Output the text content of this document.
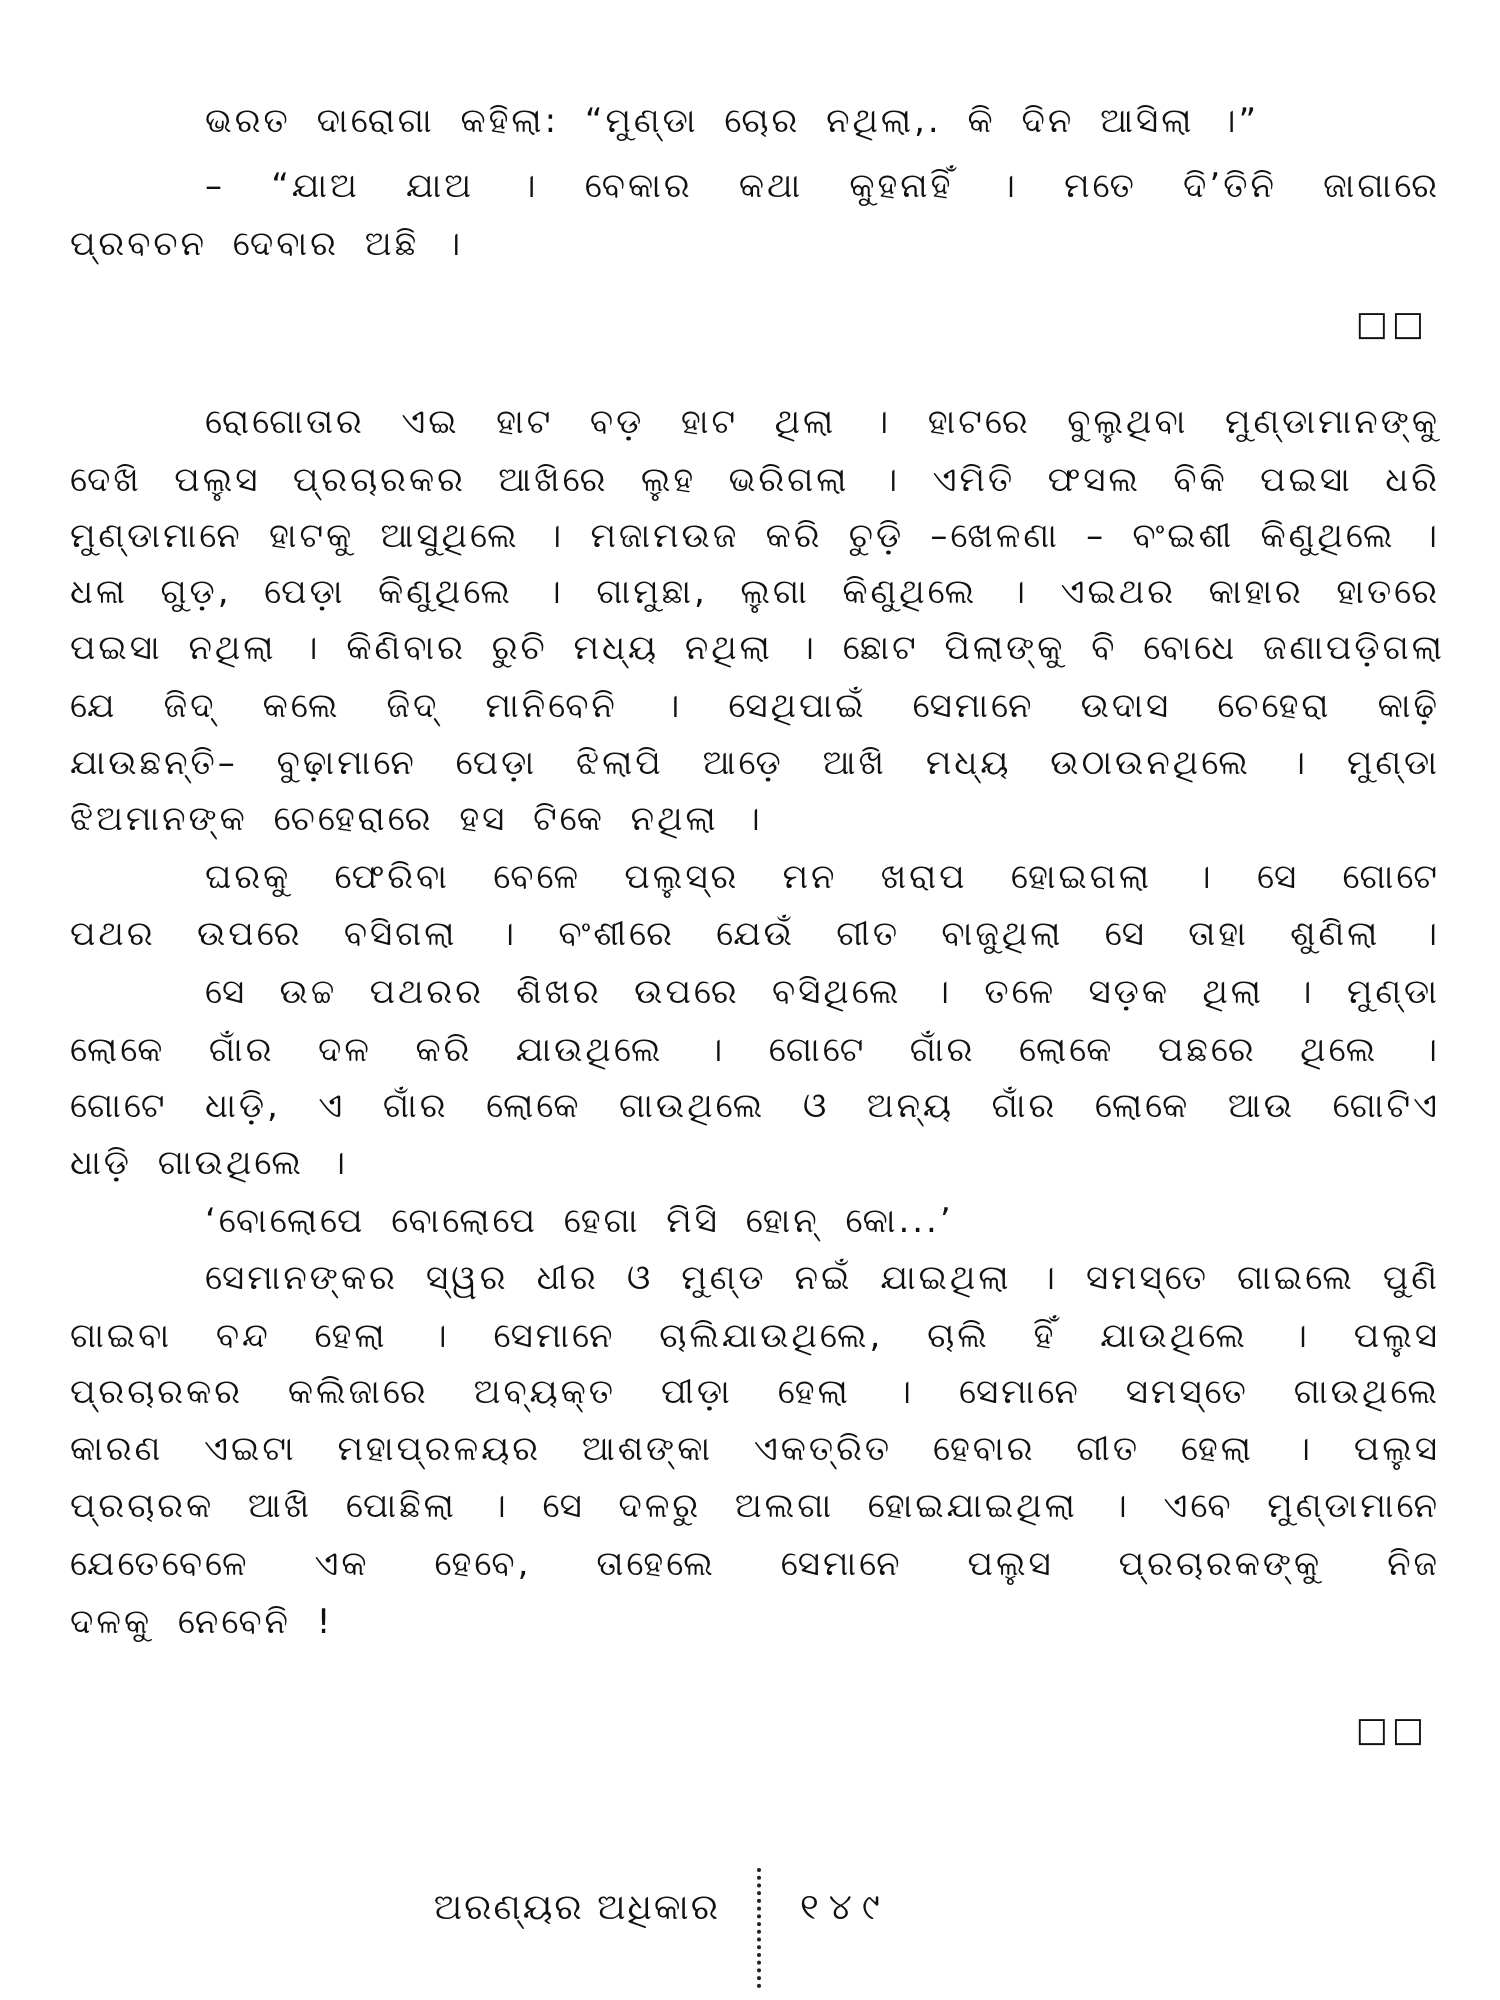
ଭରତ ଦାରୋଗା କହିଲା: “ମୁଣ୍ଡା ଚୋର ନଥିଲା,. କି ଦିନ ଆସିଲା ।”
– “ଯାଅ ଯାଅ । ବେକାର କଥା କୁହନାହିଁ । ମତେ ଦି’ତିନି ଜାଗାରେ
ପ୍ରବଚନ ଦେବାର ଅଛି ।
□□
ରୋଗୋତାର ଏଇ ହାଟ ବଡ଼ ହାଟ ଥିଲା । ହାଟରେ ବୁଲୁଥିବା ମୁଣ୍ଡାମାନଙ୍କୁ
ଦେଖି ପଲୁସ ପ୍ରଚାରକର ଆଖିରେ ଲୁହ ଭରିଗଲା । ଏମିତି ଫସଲ ବିକି ପଇସା ଧରି
ମୁଣ୍ଡାମାନେ ହାଟକୁ ଆସୁଥିଲେ । ମଜାମଉଜ କରି ଚୁଡ଼ି –ଖେଳଣା – ବଂଇଶୀ କିଣୁଥିଲେ ।
ଧଳା ଗୁଡ଼, ପେଡ଼ା କିଣୁଥିଲେ । ଗାମୁଛା, ଲୁଗା କିଣୁଥିଲେ । ଏଇଥର କାହାର ହାତରେ
ପଇସା ନଥିଲା । କିଣିବାର ରୁଚି ମଧ୍ୟ ନଥିଲା । ଛୋଟ ପିଲାଙ୍କୁ ବି ବୋଧେ ଜଣାପଡ଼ିଗଲା
ଯେ ଜିଦ୍ କଲେ ଜିଦ୍ ମାନିବେନି । ସେଥିପାଇଁ ସେମାନେ ଉଦାସ ଚେହେରା କାଢ଼ି
ଯାଉଛନ୍ତି– ବୁଢ଼ାମାନେ ପେଡ଼ା ଝିଲାପି ଆଡ଼େ ଆଖି ମଧ୍ୟ ଉଠାଉନଥିଲେ । ମୁଣ୍ଡା
ଝିଅମାନଙ୍କ ଚେହେରାରେ ହସ ଟିକେ ନଥିଲା ।
ଘରକୁ ଫେରିବା ବେଳେ ପଲୁସ୍‌ର ମନ ଖରାପ ହୋଇଗଲା । ସେ ଗୋଟେ
ପଥର ଉପରେ ବସିଗଲା । ବଂଶୀରେ ଯେଉଁ ଗୀତ ବାଜୁଥିଲା ସେ ତାହା ଶୁଣିଲା ।
ସେ ଉଚ୍ଚ ପଥରର ଶିଖର ଉପରେ ବସିଥିଲେ । ତଳେ ସଡ଼କ ଥିଲା । ମୁଣ୍ଡା
ଲୋକେ ଗାଁର ଦଳ କରି ଯାଉଥିଲେ । ଗୋଟେ ଗାଁର ଲୋକେ ପଛରେ ଥିଲେ ।
ଗୋଟେ ଧାଡ଼ି, ଏ ଗାଁର ଲୋକେ ଗାଉଥିଲେ ଓ ଅନ୍ୟ ଗାଁର ଲୋକେ ଆଉ ଗୋଟିଏ
ଧାଡ଼ି ଗାଉଥିଲେ ।
‘ବୋଲୋପେ ବୋଲୋପେ ହେଗା ମିସି ହୋନ୍ କୋ...’
ସେମାନଙ୍କର ସ୍ୱର ଧୀର ଓ ମୁଣ୍ଡ ନଇଁ ଯାଇଥିଲା । ସମସ୍ତେ ଗାଇଲେ ପୁଣି
ଗାଇବା ବନ୍ଦ ହେଲା । ସେମାନେ ଚାଲିଯାଉଥିଲେ, ଚାଲି ହିଁ ଯାଉଥିଲେ । ପଲୁସ
ପ୍ରଚାରକର କଲିଜାରେ ଅବ୍ୟକ୍ତ ପୀଡ଼ା ହେଲା । ସେମାନେ ସମସ୍ତେ ଗାଉଥିଲେ
କାରଣ ଏଇଟା ମହାପ୍ରଳୟର ଆଶଙ୍କା ଏକତ୍ରିତ ହେବାର ଗୀତ ହେଲା । ପଲୁସ
ପ୍ରଚାରକ ଆଖି ପୋଛିଲା । ସେ ଦଳରୁ ଅଲଗା ହୋଇଯାଇଥିଲା । ଏବେ ମୁଣ୍ଡାମାନେ
ଯେତେବେଳେ ଏକ ହେବେ, ତାହେଲେ ସେମାନେ ପଲୁସ ପ୍ରଚାରକଙ୍କୁ ନିଜ
ଦଳକୁ ନେବେନି !
□□
ଅରଣ୍ୟର ଅଧିକାର ୧୪୯
